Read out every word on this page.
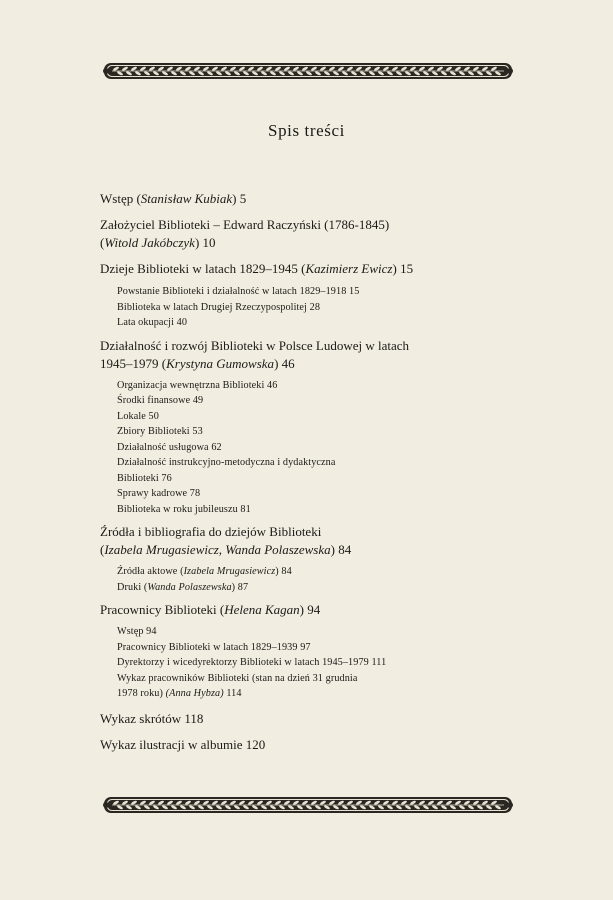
Spis treści

Wstęp (Stanisław Kubiak) 5

Założyciel Biblioteki – Edward Raczyński (1786-1845)

(Witold Jakóbczyk) 10

Dzieje Biblioteki w latach 1829–1945 (Kazimierz Ewicz) 15

Powstanie Biblioteki i działalność w latach 1829–1918 15

Biblioteka w latach Drugiej Rzeczypospolitej 28

Lata okupacji 40

Działalność i rozwój Biblioteki w Polsce Ludowej w latach

1945–1979 (Krystyna Gumowska) 46

Organizacja wewnętrzna Biblioteki 46

Środki finansowe 49

Lokale 50

Zbiory Biblioteki 53

Działalność usługowa 62

Działalność instrukcyjno-metodyczna i dydaktyczna

Biblioteki 76

Sprawy kadrowe 78

Biblioteka w roku jubileuszu 81

Źródła i bibliografia do dziejów Biblioteki

(Izabela Mrugasiewicz, Wanda Polaszewska) 84

Źródła aktowe (Izabela Mrugasiewicz) 84

Druki (Wanda Polaszewska) 87

Pracownicy Biblioteki (Helena Kagan) 94

Wstęp 94

Pracownicy Biblioteki w latach 1829–1939 97

Dyrektorzy i wicedyrektorzy Biblioteki w latach 1945–1979 111

Wykaz pracowników Biblioteki (stan na dzień 31 grudnia

1978 roku) (Anna Hybza) 114

Wykaz skrótów 118

Wykaz ilustracji w albumie 120
